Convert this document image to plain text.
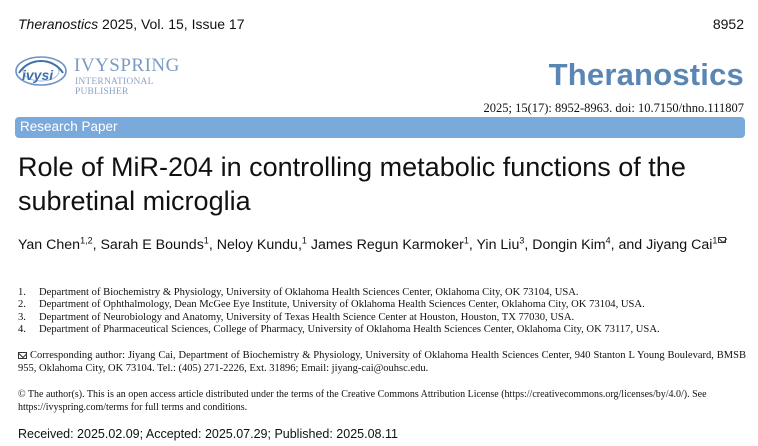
Theranostics 2025, Vol. 15, Issue 17	8952
ivysi IVYSPRING
INTERNATIONAL PUBLISHER	Theranostics
2025; 15(17): 8952-8963. doi: 10.7150/thno.111807
Research Paper
Role of MiR-204 in controlling metabolic functions of the subretinal microglia
Yan Chen$^{1,2}$, Sarah E Bounds$^1$, Neloy Kundu,$^1$ James Regun Karmoker$^1$, Yin Liu$^3$, Dongin Kim$^4$, and Jiyang Cai$^1$
1. Department of Biochemistry & Physiology, University of Oklahoma Health Sciences Center, Oklahoma City, OK 73104, USA.
2. Department of Ophthalmology, Dean McGee Eye Institute, University of Oklahoma Health Sciences Center, Oklahoma City, OK 73104, USA.
3. Department of Neurobiology and Anatomy, University of Texas Health Science Center at Houston, Houston, TX 77030, USA.
4. Department of Pharmaceutical Sciences, College of Pharmacy, University of Oklahoma Health Sciences Center, Oklahoma City, OK 73117, USA.
Corresponding author: Jiyang Cai, Department of Biochemistry & Physiology, University of Oklahoma Health Sciences Center, 940 Stanton L Young Boulevard, BMSB 955, Oklahoma City, OK 73104. Tel.: (405) 271-2226, Ext. 31896; Email: jiyang-cai@ouhsc.edu.
© The author(s). This is an open access article distributed under the terms of the Creative Commons Attribution License (https://creativecommons.org/licenses/by/4.0/). See https://ivyspring.com/terms for full terms and conditions.
Received: 2025.02.09; Accepted: 2025.07.29; Published: 2025.08.11
